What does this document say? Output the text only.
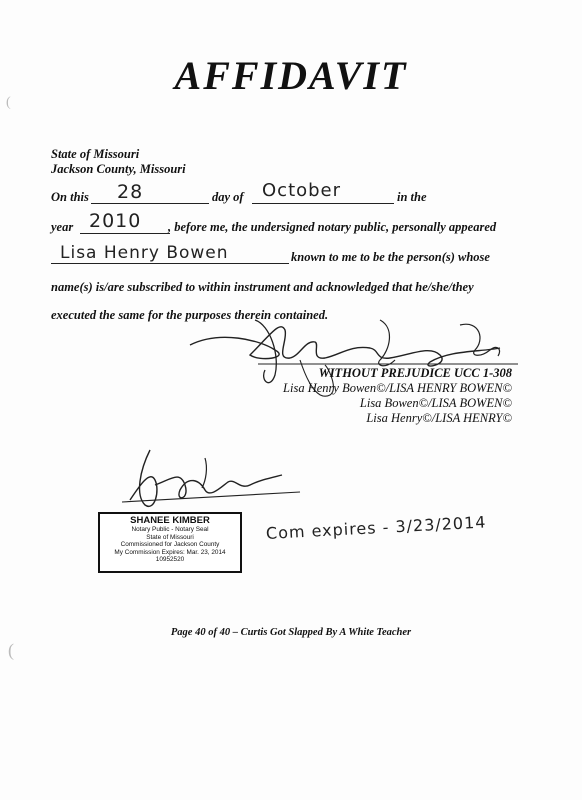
AFFIDAVIT
State of Missouri
Jackson County, Missouri
On this 28	day of October	in the
year 2010 , before me, the undersigned notary public, personally appeared
Lisa Henry Bowen	known to me to be the person(s) whose
name(s) is/are subscribed to within instrument and acknowledged that he/she/they
executed the same for the purposes therein contained.
WITHOUT PREJUDICE UCC 1-308
Lisa Henry Bowen©/LISA HENRY BOWEN©
Lisa Bowen©/LISA BOWEN©
Lisa Henry©/LISA HENRY©
SHANEE KIMBER
Notary Public - Notary Seal
State of Missouri
Commissioned for Jackson County
My Commission Expires: Mar. 23, 2014
10952520
Com expires - 3/23/2014
Page 40 of 40 – Curtis Got Slapped By A White Teacher
(
(
